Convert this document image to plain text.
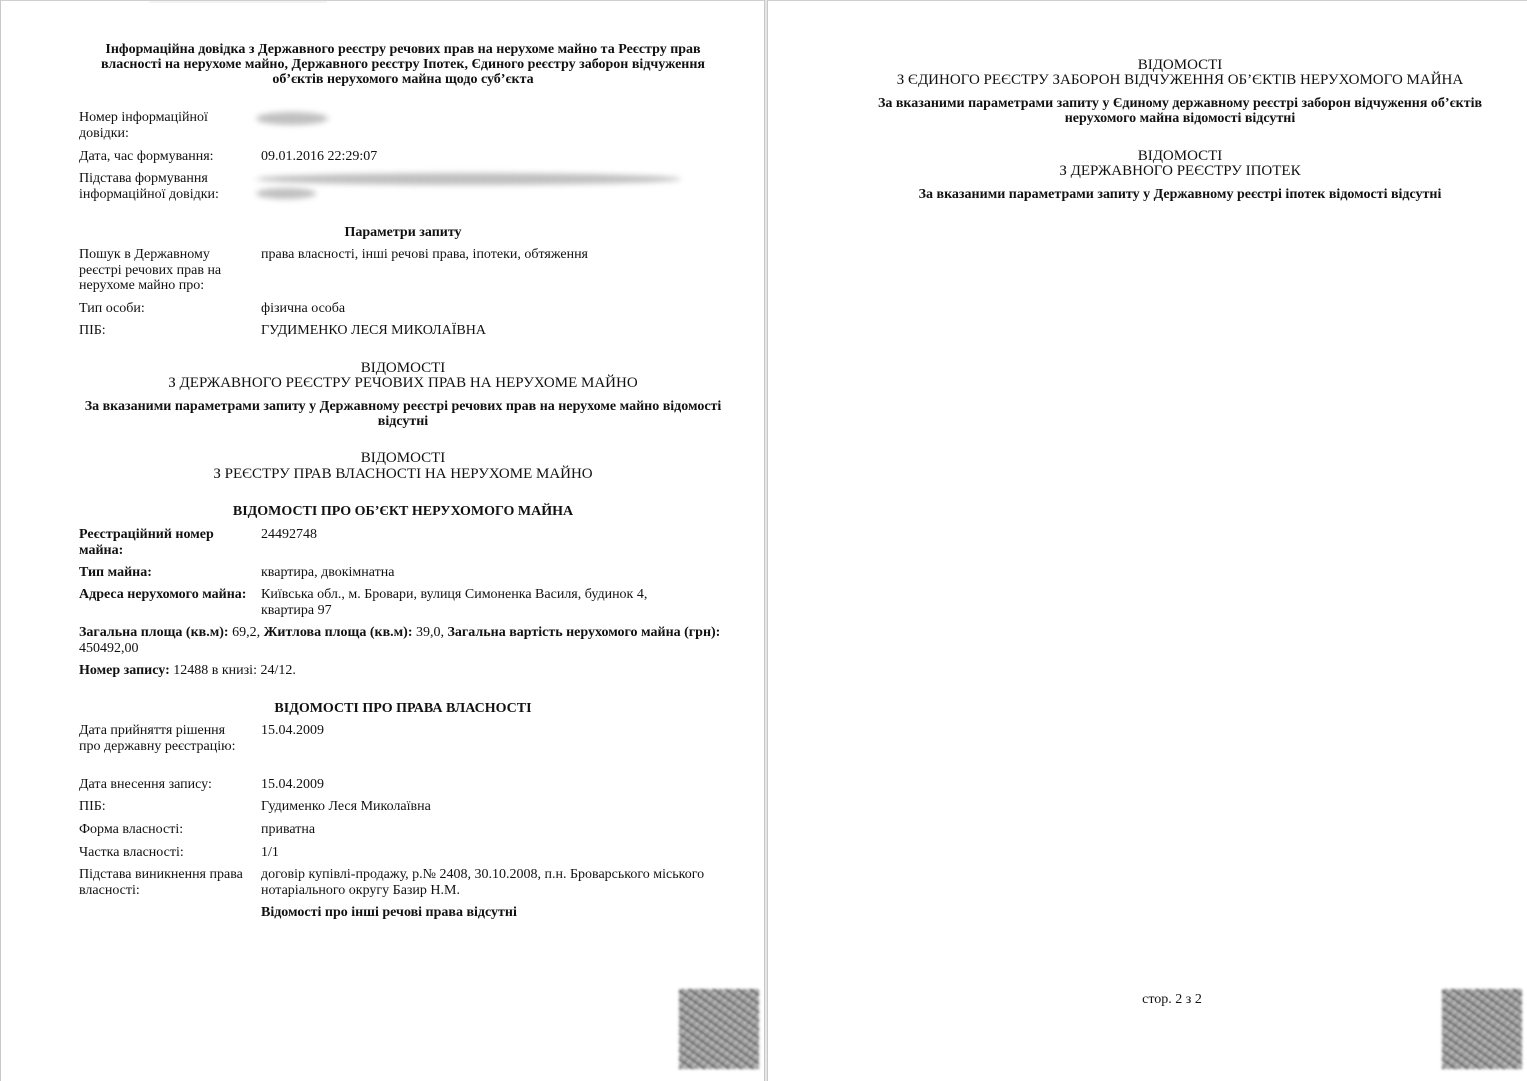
Інформаційна довідка з Державного реєстру речових прав на нерухоме майно та Реєстру прав власності на нерухоме майно, Державного реєстру Іпотек, Єдиного реєстру заборон відчуження об’єктів нерухомого майна щодо суб’єкта
Номер інформаційної довідки:
Дата, час формування:	09.01.2016 22:29:07
Підстава формування інформаційної довідки:
Параметри запиту
Пошук в Державному реєстрі речових прав на нерухоме майно про:
права власності, інші речові права, іпотеки, обтяження
Тип особи:	фізична особа
ПІБ:	ГУДИМЕНКО ЛЕСЯ МИКОЛАЇВНА
ВІДОМОСТІ
З ДЕРЖАВНОГО РЕЄСТРУ РЕЧОВИХ ПРАВ НА НЕРУХОМЕ МАЙНО
За вказаними параметрами запиту у Державному реєстрі речових прав на нерухоме майно відомості відсутні
ВІДОМОСТІ
З РЕЄСТРУ ПРАВ ВЛАСНОСТІ НА НЕРУХОМЕ МАЙНО
ВІДОМОСТІ ПРО ОБ’ЄКТ НЕРУХОМОГО МАЙНА
Реєстраційний номер майна:
24492748
Тип майна:	квартира, двокімнатна
Адреса нерухомого майна:	Київська обл., м. Бровари, вулиця Симоненка Василя, будинок 4, квартира 97
Загальна площа (кв.м): 69,2, Житлова площа (кв.м): 39,0, Загальна вартість нерухомого майна (грн): 450492,00
Номер запису: 12488 в книзі: 24/12.
ВІДОМОСТІ ПРО ПРАВА ВЛАСНОСТІ
Дата прийняття рішення про державну реєстрацію:
15.04.2009
Дата внесення запису:	15.04.2009
ПІБ:	Гудименко Леся Миколаївна
Форма власності:	приватна
Частка власності:	1/1
Підстава виникнення права власності:
договір купівлі-продажу, р.№ 2408, 30.10.2008, п.н. Броварського міського нотаріального округу Базир Н.М.
Відомості про інші речові права відсутні
ВІДОМОСТІ
З ЄДИНОГО РЕЄСТРУ ЗАБОРОН ВІДЧУЖЕННЯ ОБ’ЄКТІВ НЕРУХОМОГО МАЙНА
За вказаними параметрами запиту у Єдиному державному реєстрі заборон відчуження об’єктів нерухомого майна відомості відсутні
ВІДОМОСТІ
З ДЕРЖАВНОГО РЕЄСТРУ ІПОТЕК
За вказаними параметрами запиту у Державному реєстрі іпотек відомості відсутні
стор. 2 з 2
